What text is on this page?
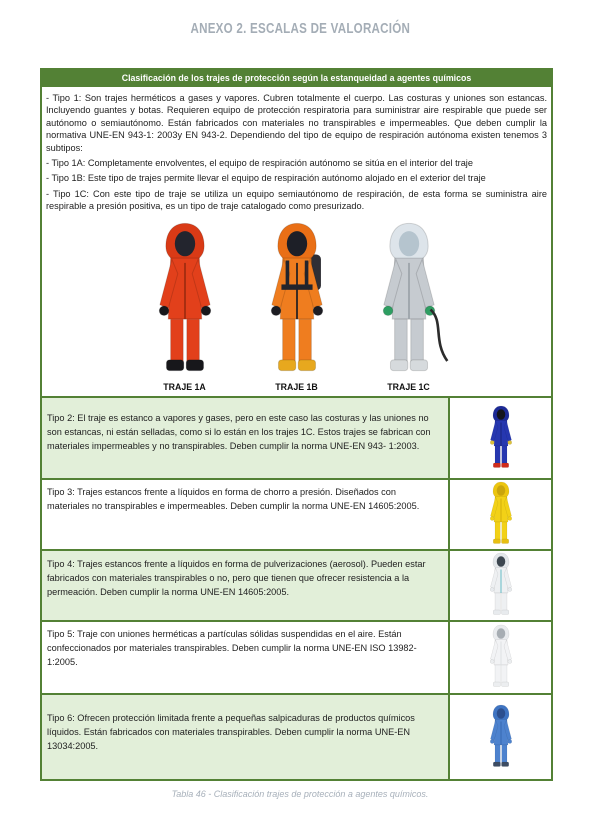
ANEXO 2. ESCALAS DE VALORACIÓN
Clasificación de los trajes de protección según la estanqueidad a agentes químicos

- Tipo 1: Son trajes herméticos a gases y vapores. Cubren totalmente el cuerpo. Las costuras y uniones son estancas. Incluyendo guantes y botas. Requieren equipo de protección respiratoria para suministrar aire respirable que puede ser autónomo o semiautónomo. Están fabricados con materiales no transpirables e impermeables. Que deben cumplir la normativa UNE-EN 943-1: 2003y EN 943-2. Dependiendo del tipo de equipo de respiración autónoma existen tenemos 3 subtipos:

- Tipo 1A: Completamente envolventes, el equipo de respiración autónomo se sitúa en el interior del traje

- Tipo 1B: Este tipo de trajes permite llevar el equipo de respiración autónomo alojado en el exterior del traje

- Tipo 1C: Con este tipo de traje se utiliza un equipo semiautónomo de respiración, de esta forma se suministra aire respirable a presión positiva, es un tipo de traje catalogado como presurizado.

TRAJE 1A	TRAJE 1B	TRAJE 1C
Tipo 2: El traje es estanco a vapores y gases, pero en este caso las costuras y las uniones no son estancas, ni están selladas, como si lo están en los trajes 1C. Estos trajes se fabrican con materiales impermeables y no transpirables. Deben cumplir la norma UNE-EN 943- 1:2003.
Tipo 3: Trajes estancos frente a líquidos en forma de chorro a presión. Diseñados con materiales no transpirables e impermeables. Deben cumplir la norma UNE-EN 14605:2005.
Tipo 4: Trajes estancos frente a líquidos en forma de pulverizaciones (aerosol). Pueden estar fabricados con materiales transpirables o no, pero que tienen que ofrecer resistencia a la permeación. Deben cumplir la norma UNE-EN 14605:2005.
Tipo 5: Traje con uniones herméticas a partículas sólidas suspendidas en el aire. Están confeccionados por materiales transpirables. Deben cumplir la norma UNE-EN ISO 13982-1:2005.
Tipo 6: Ofrecen protección limitada frente a pequeñas salpicaduras de productos químicos líquidos. Están fabricados con materiales transpirables. Deben cumplir la norma UNE-EN 13034:2005.
Tabla 46 - Clasificación trajes de protección a agentes químicos.
